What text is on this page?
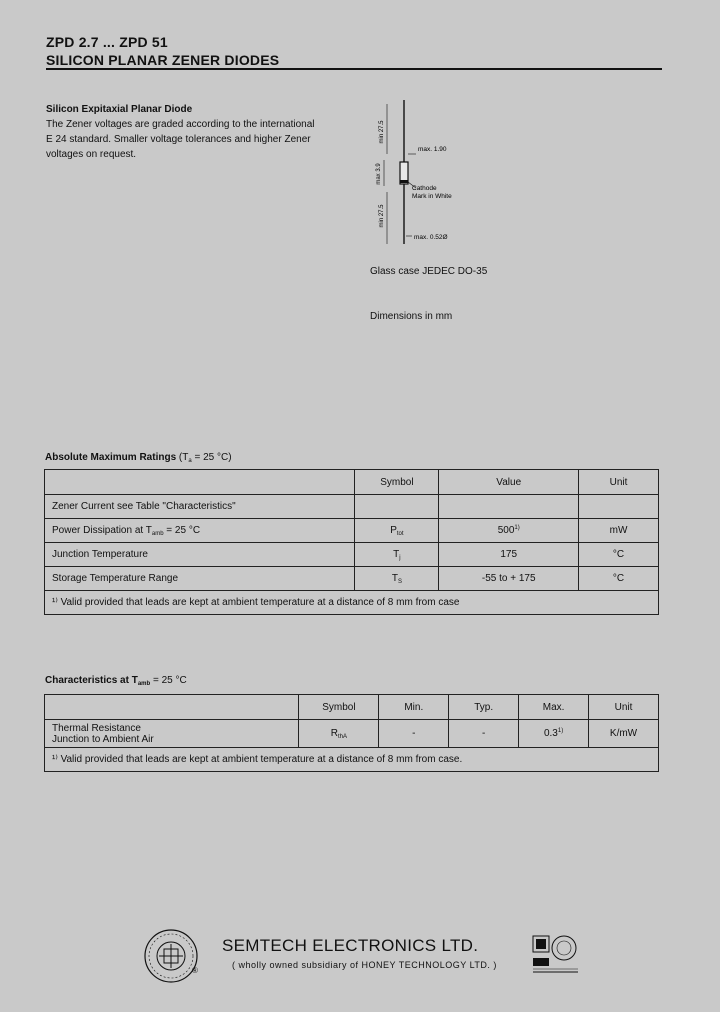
ZPD 2.7 ... ZPD 51
SILICON PLANAR ZENER DIODES
Silicon Expitaxial Planar Diode
The Zener voltages are graded according to the international
E 24 standard. Smaller voltage tolerances and higher Zener
voltages on request.
min 27.5
max 3.9
min 27.5
max. 1.90
Cathode
Mark in White
max. 0.52Ø
Glass case JEDEC DO-35
Dimensions in mm
Absolute Maximum Ratings ($T_a = 25$ °C)
	Symbol	Value	Unit
Zener Current see Table "Characteristics"			
Power Dissipation at $T_{amb} = 25$ °C	$P_{tot}$	500$^{1)}$	mW
Junction Temperature	$T_j$	175	°C
Storage Temperature Range	$T_S$	-55 to + 175	°C
¹⁾ Valid provided that leads are kept at ambient temperature at a distance of 8 mm from case			
Characteristics at $T_{amb} = 25$ °C
	Symbol	Min.	Typ.	Max.	Unit

Thermal Resistance
Junction to Ambient Air	$R_{thA}$	-	-	0.3$^{1)}$	K/mW
¹⁾ Valid provided that leads are kept at ambient temperature at a distance of 8 mm from case.					
®
SEMTECH ELECTRONICS LTD.
( wholly owned subsidiary of HONEY TECHNOLOGY LTD. )
